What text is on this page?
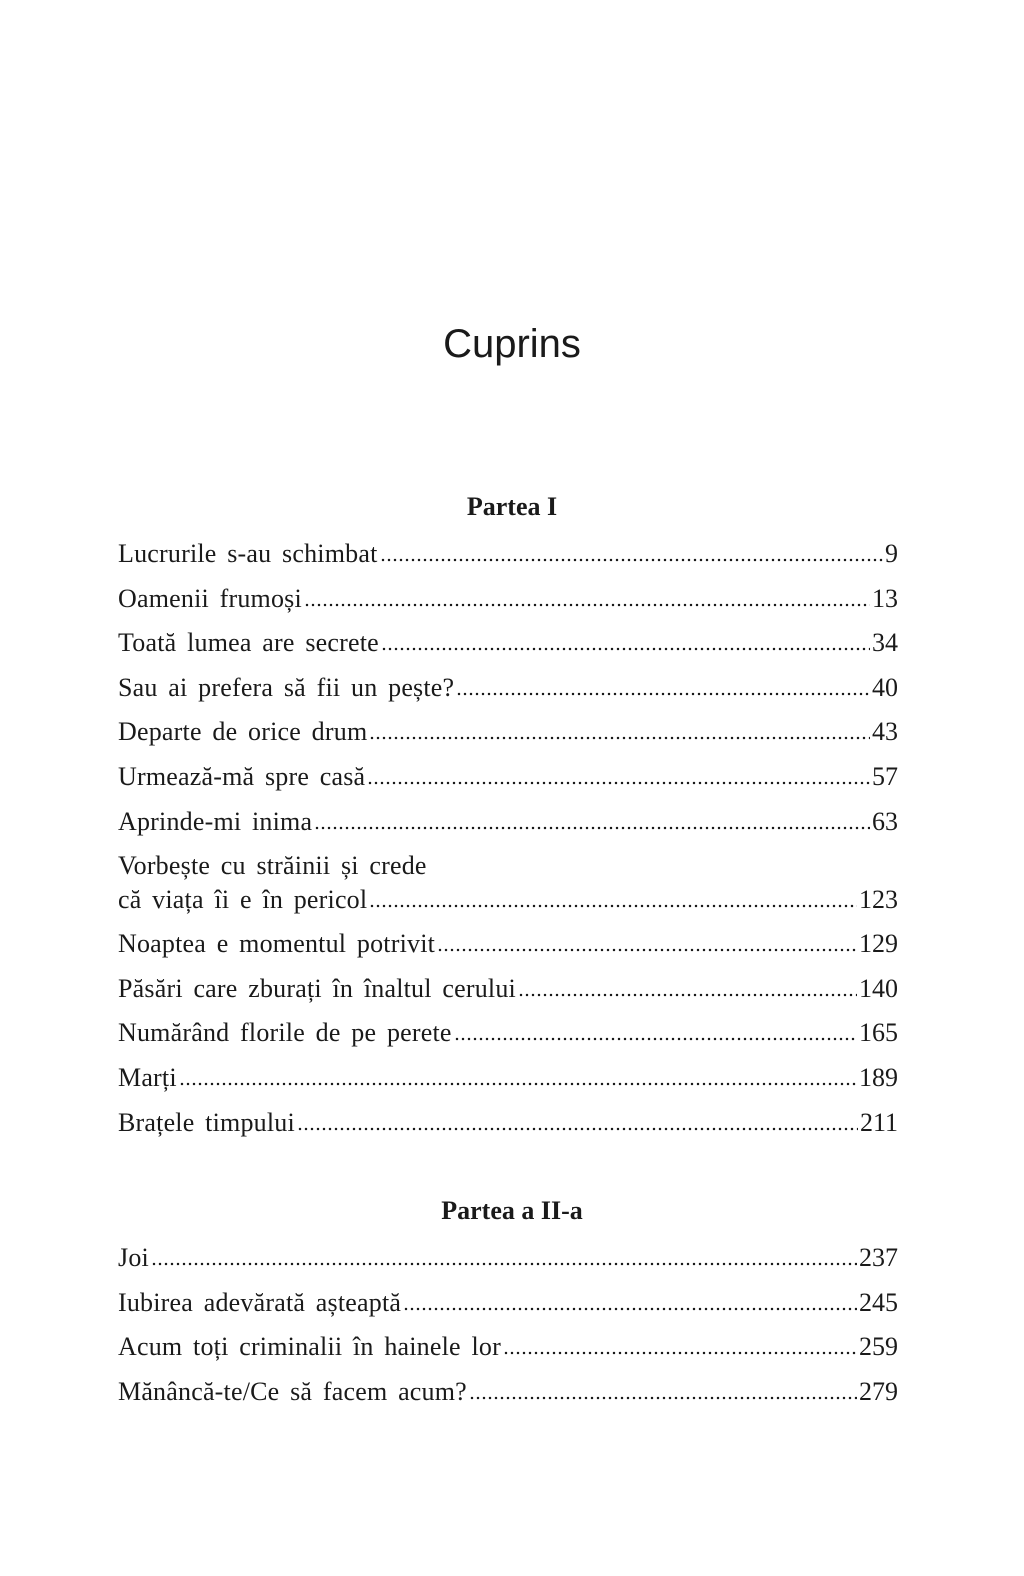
Cuprins
Partea I
Lucrurile s-au schimbat	9
Oamenii frumoși	13
Toată lumea are secrete	34
Sau ai prefera să fii un pește?	40
Departe de orice drum	43
Urmează-mă spre casă	57
Aprinde-mi inima	63
Vorbește cu străinii și crede
că viața îi e în pericol	123
Noaptea e momentul potrivit	129
Păsări care zburați în înaltul cerului	140
Numărând florile de pe perete	165
Marți	189
Brațele timpului	211
Partea a II-a
Joi	237
Iubirea adevărată așteaptă	245
Acum toți criminalii în hainele lor	259
Mănâncă-te/Ce să facem acum?	279
